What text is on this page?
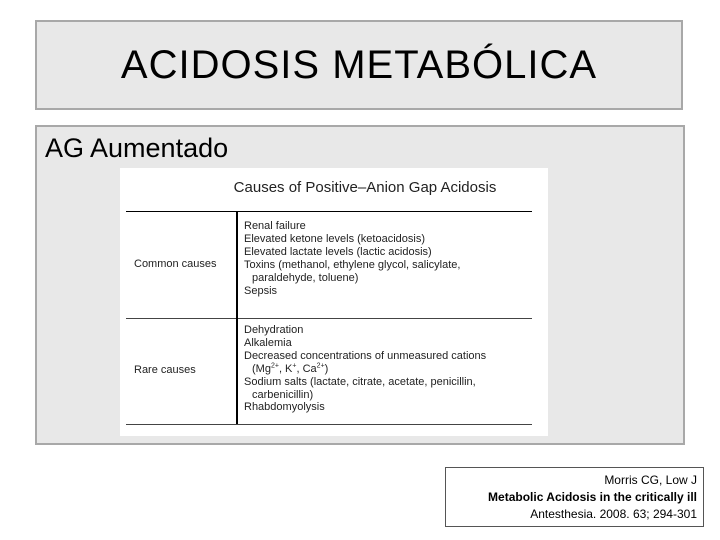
ACIDOSIS METABÓLICA
AG Aumentado
Causes of Positive–Anion Gap Acidosis
Common causes
Renal failure
Elevated ketone levels (ketoacidosis)
Elevated lactate levels (lactic acidosis)
Toxins (methanol, ethylene glycol, salicylate,
paraldehyde, toluene)
Sepsis
Rare causes
Dehydration
Alkalemia
Decreased concentrations of unmeasured cations
($Mg^{2+}$, K+, $Ca^{2+}$)
Sodium salts (lactate, citrate, acetate, penicillin,
carbenicillin)
Rhabdomyolysis
Morris CG, Low J
Metabolic Acidosis in the critically ill
Antesthesia. 2008. 63; 294-301
